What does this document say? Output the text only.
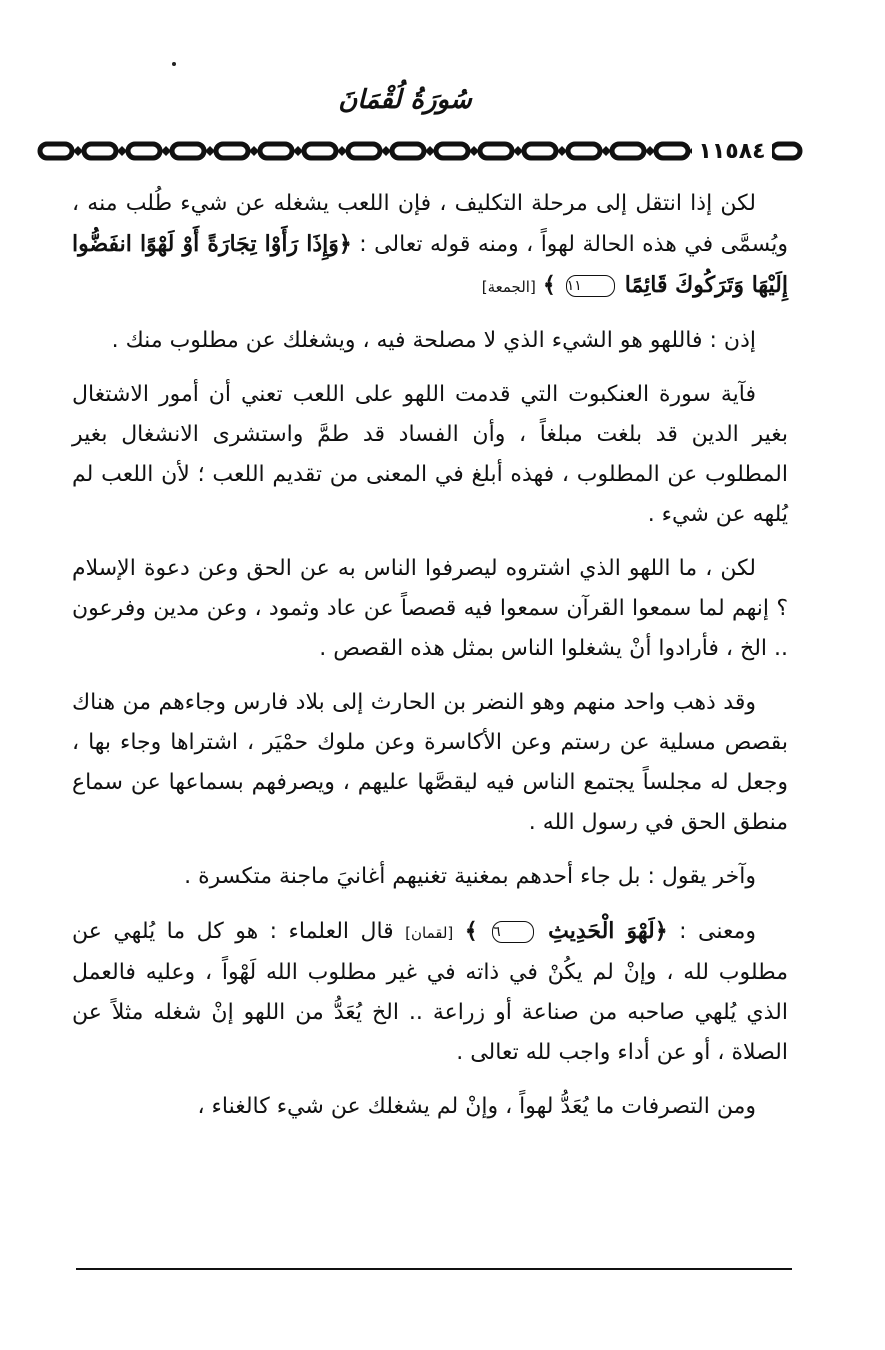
سُورَةُ لُقْمَانَ
١١٥٨٤

لكن إذا انتقل إلى مرحلة التكليف ، فإن اللعب يشغله عن شيء طُلب منه ، ويُسمَّى في هذه الحالة لهواً ، ومنه قوله تعالى : ﴿وَإِذَا رَأَوْا تِجَارَةً أَوْ لَهْوًا انفَضُّوا إِلَيْهَا وَتَرَكُوكَ قَائِمًا ١١ ﴾ [الجمعة]

إذن : فاللهو هو الشيء الذي لا مصلحة فيه ، ويشغلك عن مطلوب منك .

فآية سورة العنكبوت التي قدمت اللهو على اللعب تعني أن أمور الاشتغال بغير الدين قد بلغت مبلغاً ، وأن الفساد قد طمَّ واستشرى الانشغال بغير المطلوب عن المطلوب ، فهذه أبلغ في المعنى من تقديم اللعب ؛ لأن اللعب لم يُلهه عن شيء .

لكن ، ما اللهو الذي اشتروه ليصرفوا الناس به عن الحق وعن دعوة الإسلام ؟ إنهم لما سمعوا القرآن سمعوا فيه قصصاً عن عاد وثمود ، وعن مدين وفرعون .. الخ ، فأرادوا أنْ يشغلوا الناس بمثل هذه القصص .

وقد ذهب واحد منهم وهو النضر بن الحارث إلى بلاد فارس وجاءهم من هناك بقصص مسلية عن رستم وعن الأكاسرة وعن ملوك حمْيَر ، اشتراها وجاء بها ، وجعل له مجلساً يجتمع الناس فيه ليقصَّها عليهم ، ويصرفهم بسماعها عن سماع منطق الحق في رسول الله .

وآخر يقول : بل جاء أحدهم بمغنية تغنيهم أغانيَ ماجنة متكسرة .

ومعنى : ﴿لَهْوَ الْحَدِيثِ ٦ ﴾ [لقمان] قال العلماء : هو كل ما يُلهي عن مطلوب لله ، وإنْ لم يكُنْ في ذاته في غير مطلوب الله لَهْواً ، وعليه فالعمل الذي يُلهي صاحبه من صناعة أو زراعة .. الخ يُعَدُّ من اللهو إنْ شغله مثلاً عن الصلاة ، أو عن أداء واجب لله تعالى .

ومن التصرفات ما يُعَدُّ لهواً ، وإنْ لم يشغلك عن شيء كالغناء ،
